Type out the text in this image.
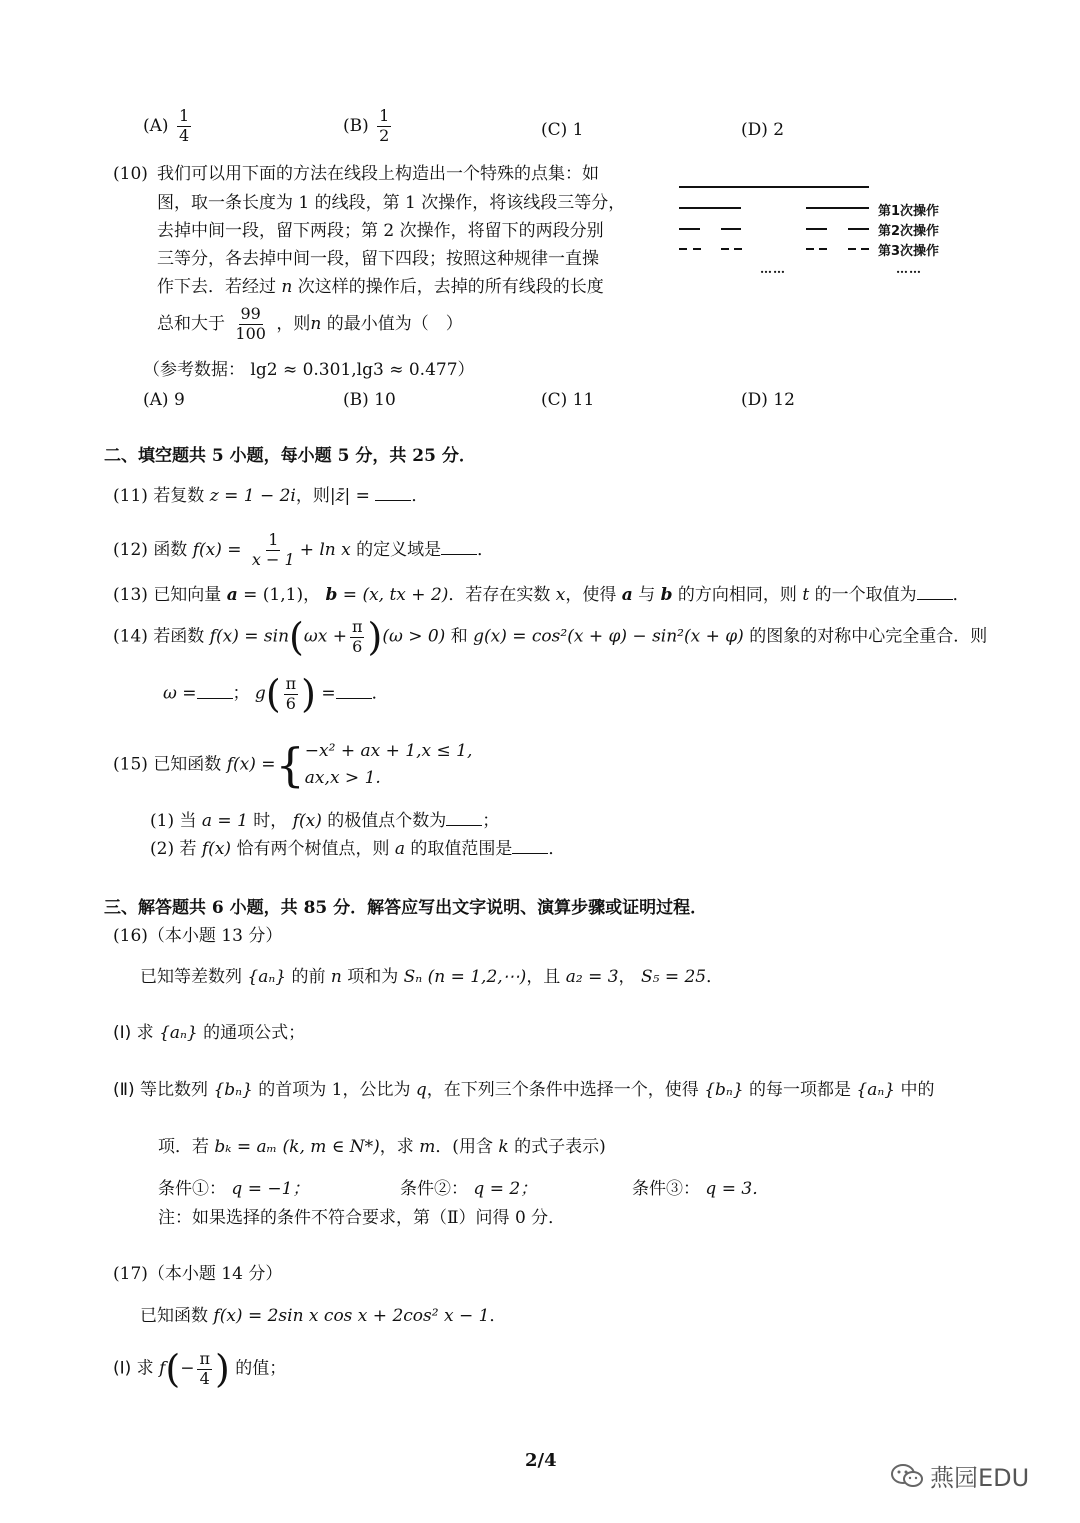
$(A) \frac{1}{4}$	$(B) \frac{1}{2}$	(C) 1	(D) 2
(10) 我们可以用下面的方法在线段上构造出一个特殊的点集：如
图，取一条长度为 1 的线段，第 1 次操作，将该线段三等分，
去掉中间一段，留下两段；第 2 次操作，将留下的两段分别
三等分，各去掉中间一段，留下四段；按照这种规律一直操
作下去．若经过 n 次这样的操作后，去掉的所有线段的长度
总和大于 $\frac{99}{100}$ ，则n 的最小值为（　）
（参考数据： lg2 ≈ 0.301,lg3 ≈ 0.477）
(A) 9	(B) 10	(C) 11	(D) 12
第1次操作
第2次操作
第3次操作
……	……
二、填空题共 5 小题，每小题 5 分，共 25 分．
(11) 若复数 z = 1 − 2i，则|z̄| = ．
(12) 函数 $f(x) = \frac{1}{x - 1} + \ln x$ 的定义域是 ．
(13) 已知向量 a = (1,1)， b = (x, tx + 2)．若存在实数 x，使得 a 与 b 的方向相同，则 t 的一个取值为 ．
(14) 若函数 $f(x) = \sin(\omega x + \frac{\pi}{6} )(\omega > 0)$ 和 g(x) = cos²(x + φ) − sin²(x + φ) 的图象的对称中心完全重合．则
ω = ； $g( \frac{\pi}{6}$ ) = ．
(15) 已知函数 f(x) ={ −x² + ax + 1, x ≤ 1,
ax, x > 1.
(1) 当 a = 1 时， f(x) 的极值点个数为 ；
(2) 若 f(x) 恰有两个树值点，则 a 的取值范围是 ．
三、解答题共 6 小题，共 85 分．解答应写出文字说明、演算步骤或证明过程．
(16)（本小题 13 分）
已知等差数列 {aₙ} 的前 n 项和为 Sₙ (n = 1,2,⋯)，且 a₂ = 3， S₅ = 25．
(Ⅰ) 求 {aₙ} 的通项公式；
(Ⅱ) 等比数列 {bₙ} 的首项为 1，公比为 q，在下列三个条件中选择一个，使得 {bₙ} 的每一项都是 {aₙ} 中的
项．若 bₖ = aₘ (k, m ∈ N*)，求 m．(用含 k 的式子表示)
条件①： q = −1；	条件②： q = 2；	条件③： q = 3．
注：如果选择的条件不符合要求，第（Ⅱ）问得 0 分．
(17)（本小题 14 分）
已知函数 f(x) = 2sin x cos x + 2cos² x − 1．
(Ⅰ) 求 $f(- \frac{\pi}{4}$ ) 的值；
2/4
燕园EDU
